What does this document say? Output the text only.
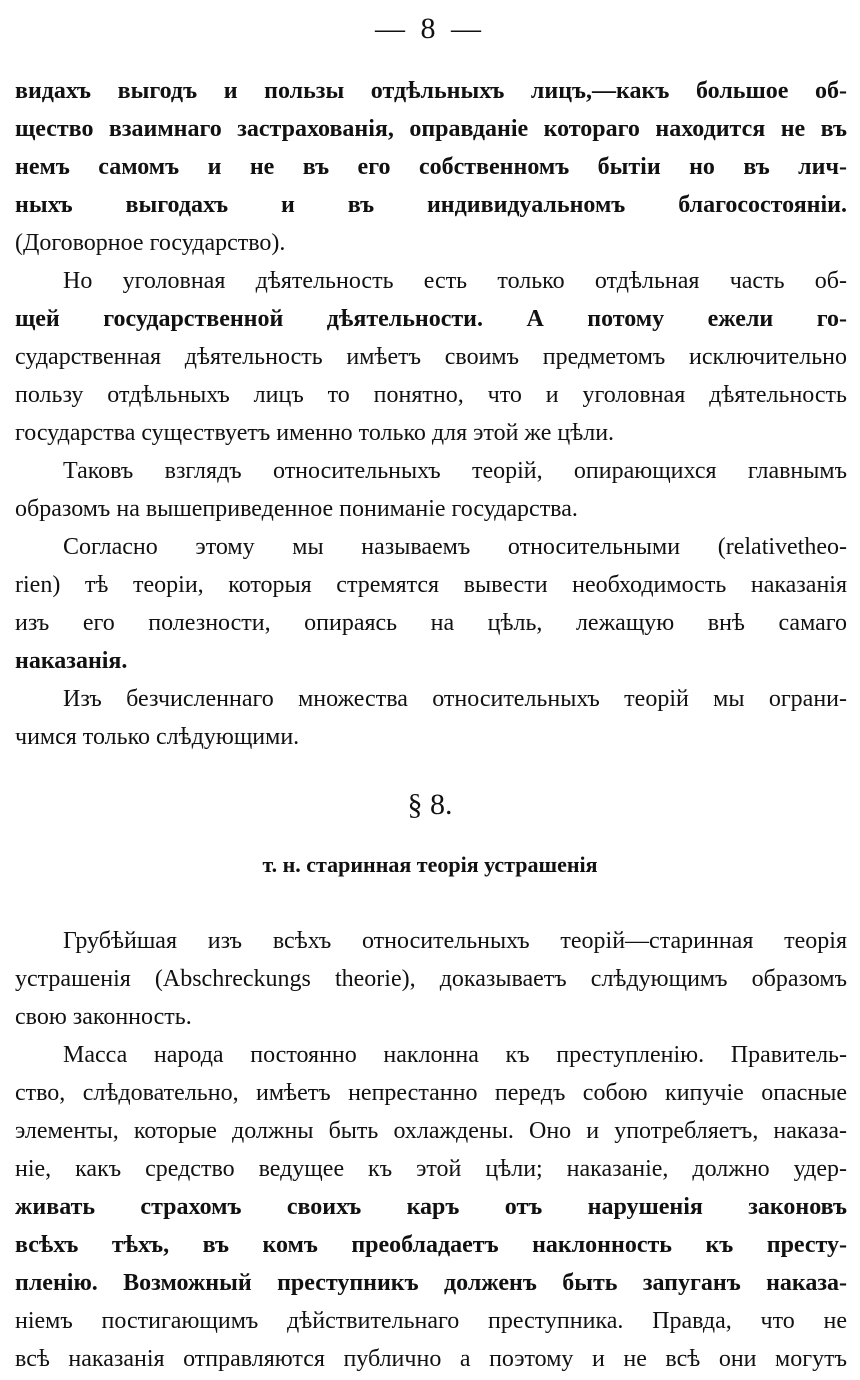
— 8 —
видахъ выгодъ и пользы отдѣльныхъ лицъ,—какъ большое об-
щество взаимнаго застрахованія, оправданіе котораго находится не въ
немъ самомъ и не въ его собственномъ бытіи но въ лич-
ныхъ выгодахъ и въ индивидуальномъ благосостояніи.
(Договорное государство).
Но уголовная дѣятельность есть только отдѣльная часть об-
щей государственной дѣятельности. А потому ежели го-
сударственная дѣятельность имѣетъ своимъ предметомъ исключительно
пользу отдѣльныхъ лицъ то понятно, что и уголовная дѣятельность
государства существуетъ именно только для этой же цѣли.
Таковъ взглядъ относительныхъ теорій, опирающихся главнымъ
образомъ на вышеприведенное пониманіе государства.
Согласно этому мы называемъ относительными (relativetheo-
rien) тѣ теоріи, которыя стремятся вывести необходимость наказанія
изъ его полезности, опираясь на цѣль, лежащую внѣ самаго
наказанія.
Изъ безчисленнаго множества относительныхъ теорій мы ограни-
чимся только слѣдующими.
§ 8.
т. н. старинная теорія устрашенія
Грубѣйшая изъ всѣхъ относительныхъ теорій—старинная теорія
устрашенія (Abschreckungs theorie), доказываетъ слѣдующимъ образомъ
свою законность.
Масса народа постоянно наклонна къ преступленію. Правитель-
ство, слѣдовательно, имѣетъ непрестанно передъ собою кипучіе опасные
элементы, которые должны быть охлаждены. Оно и употребляетъ, наказа-
ніе, какъ средство ведущее къ этой цѣли; наказаніе, должно удер-
живать страхомъ своихъ каръ отъ нарушенія законовъ
всѣхъ тѣхъ, въ комъ преобладаетъ наклонность къ престу-
пленію. Возможный преступникъ долженъ быть запуганъ наказа-
ніемъ постигающимъ дѣйствительнаго преступника. Правда, что не
всѣ наказанія отправляются публично а поэтому и не всѣ они могутъ
